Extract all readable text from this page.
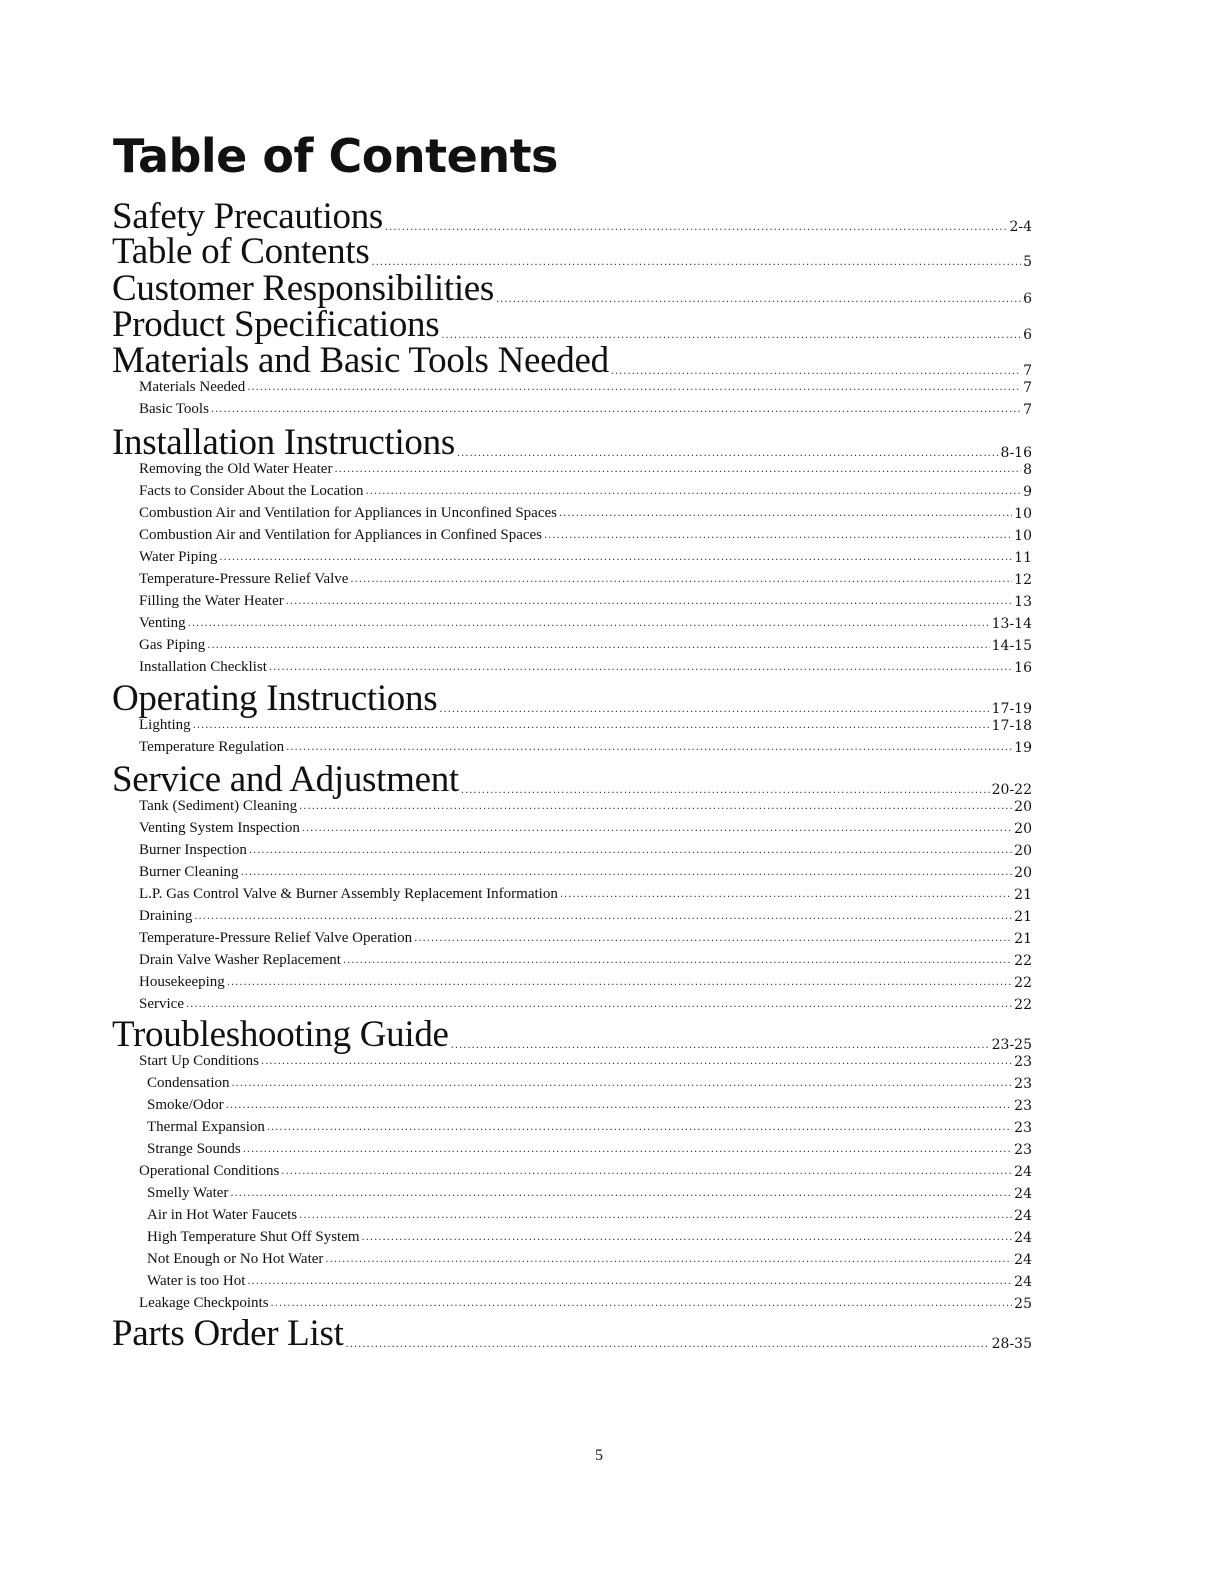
Table of Contents
Safety Precautions .....	2-4
Table of Contents .....	5
Customer Responsibilities .....	6
Product Specifications .....	6
Materials and Basic Tools Needed .....	7
Materials Needed .....	7
Basic Tools .....	7
Installation Instructions .....	8-16
Removing the Old Water Heater .....	8
Facts to Consider About the Location .....	9
Combustion Air and Ventilation for Appliances in Unconfined Spaces .....	10
Combustion Air and Ventilation for Appliances in Confined Spaces .....	10
Water Piping .....	11
Temperature-Pressure Relief Valve .....	12
Filling the Water Heater .....	13
Venting .....	13-14
Gas Piping .....	14-15
Installation Checklist .....	16
Operating Instructions .....	17-19
Lighting .....	17-18
Temperature Regulation .....	19
Service and Adjustment .....	20-22
Tank (Sediment) Cleaning .....	20
Venting System Inspection .....	20
Burner Inspection .....	20
Burner Cleaning .....	20
L.P. Gas Control Valve & Burner Assembly Replacement Information .....	21
Draining .....	21
Temperature-Pressure Relief Valve Operation .....	21
Drain Valve Washer Replacement .....	22
Housekeeping .....	22
Service .....	22
Troubleshooting Guide .....	23-25
Start Up Conditions .....	23
Condensation .....	23
Smoke/Odor .....	23
Thermal Expansion .....	23
Strange Sounds .....	23
Operational Conditions .....	24
Smelly Water .....	24
Air in Hot Water Faucets .....	24
High Temperature Shut Off System .....	24
Not Enough or No Hot Water .....	24
Water is too Hot .....	24
Leakage Checkpoints .....	25
Parts Order List .....	28-35
5
